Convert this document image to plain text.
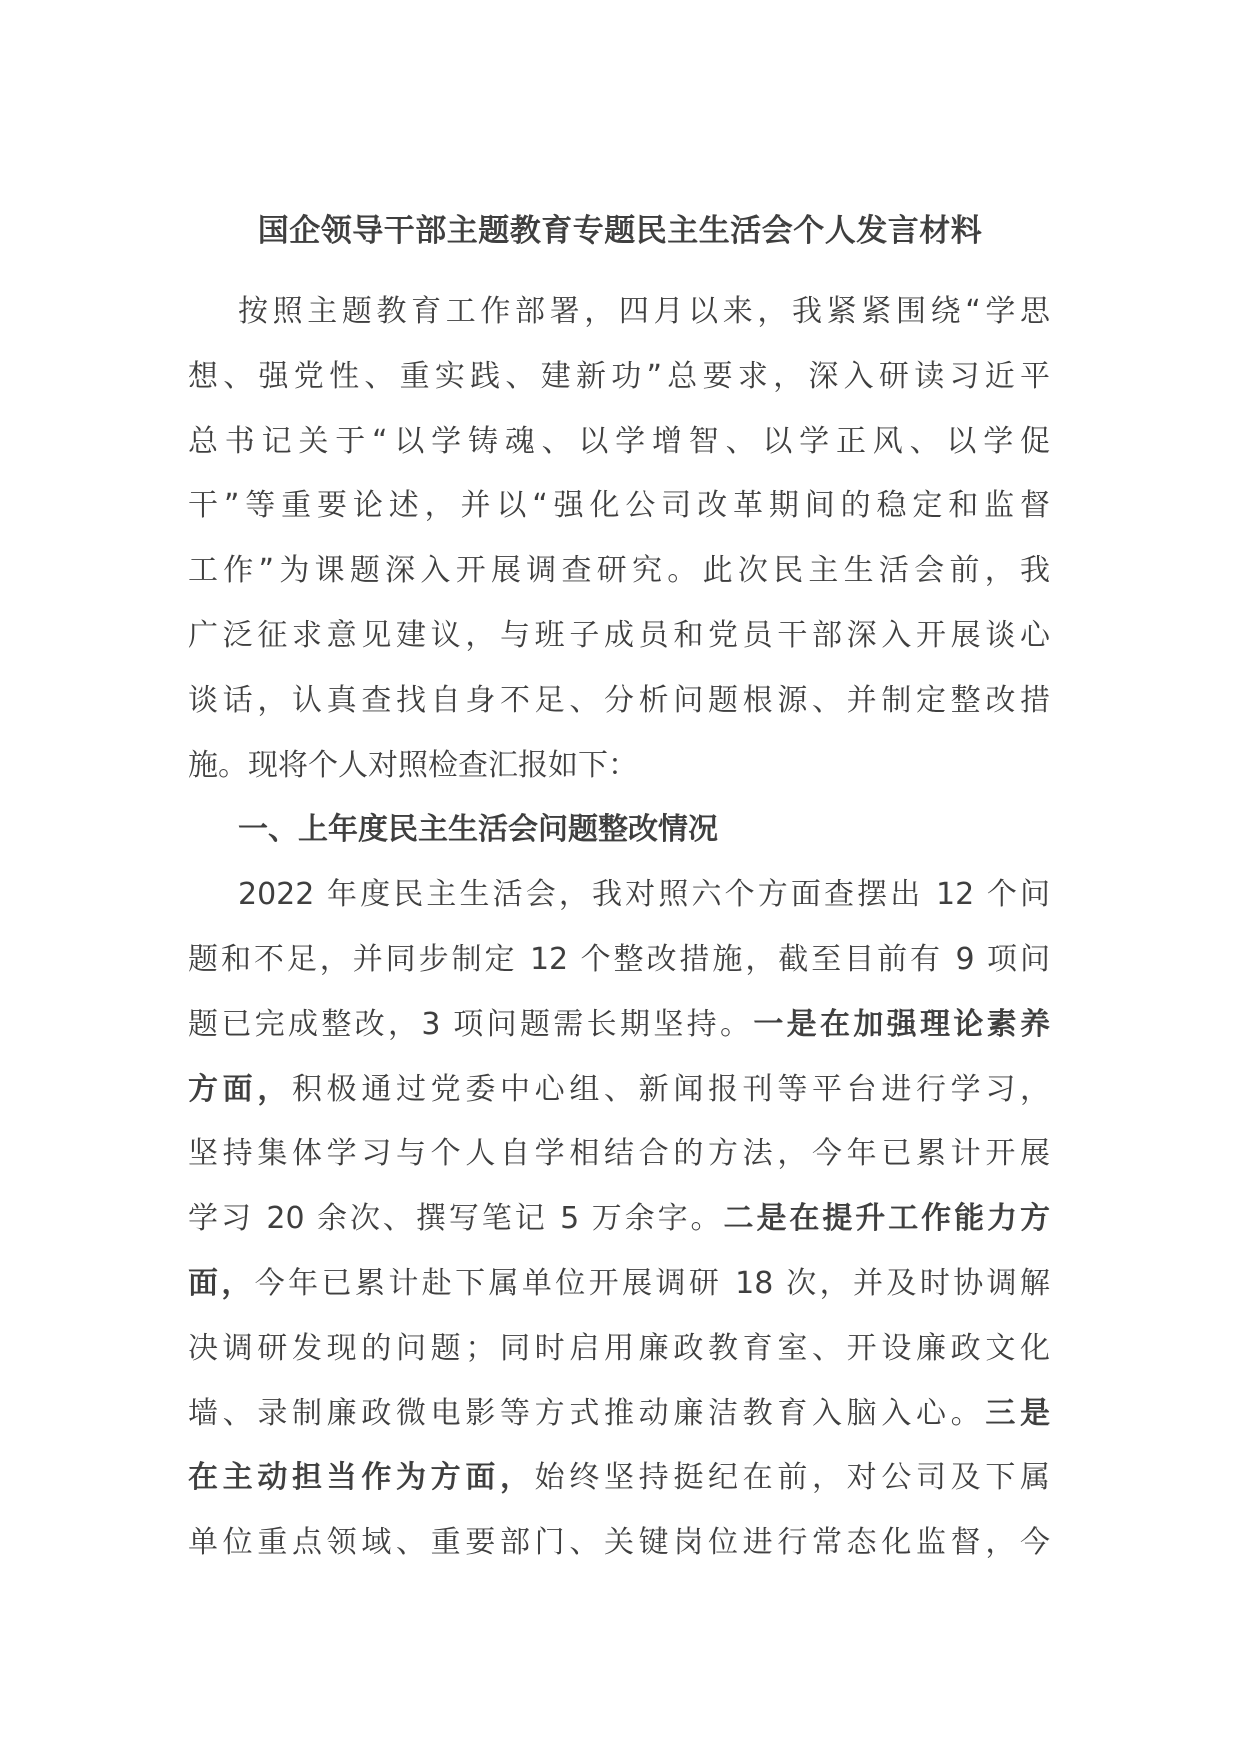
国企领导干部主题教育专题民主生活会个人发言材料
按照主题教育工作部署，四月以来，我紧紧围绕“学思
想、强党性、重实践、建新功”总要求，深入研读习近平
总书记关于“以学铸魂、以学增智、以学正风、以学促
干”等重要论述，并以“强化公司改革期间的稳定和监督
工作”为课题深入开展调查研究。此次民主生活会前，我
广泛征求意见建议，与班子成员和党员干部深入开展谈心
谈话，认真查找自身不足、分析问题根源、并制定整改措
施。现将个人对照检查汇报如下：
一、上年度民主生活会问题整改情况
2022 年度民主生活会，我对照六个方面查摆出 12 个问
题和不足，并同步制定 12 个整改措施，截至目前有 9 项问
题已完成整改，3 项问题需长期坚持。一是在加强理论素养
方面，积极通过党委中心组、新闻报刊等平台进行学习，
坚持集体学习与个人自学相结合的方法，今年已累计开展
学习 20 余次、撰写笔记 5 万余字。二是在提升工作能力方
面，今年已累计赴下属单位开展调研 18 次，并及时协调解
决调研发现的问题；同时启用廉政教育室、开设廉政文化
墙、录制廉政微电影等方式推动廉洁教育入脑入心。三是
在主动担当作为方面，始终坚持挺纪在前，对公司及下属
单位重点领域、重要部门、关键岗位进行常态化监督，今
